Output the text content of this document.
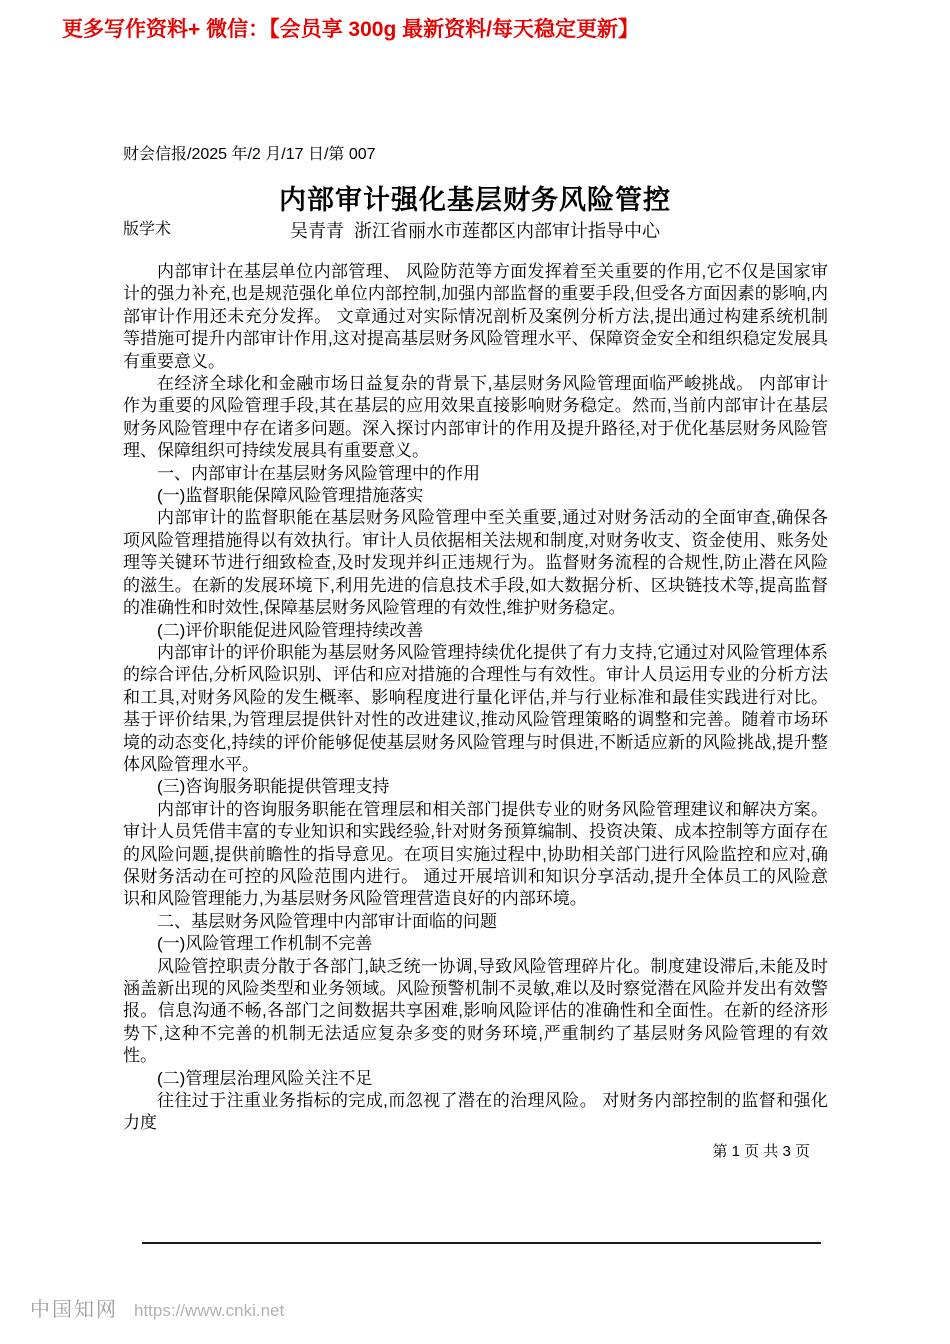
更多写作资料+ 微信：【会员享 300g 最新资料/每天稳定更新】

财会信报/2025 年/2 月/17 日/第 007

版学术

内部审计强化基层财务风险管控
吴青青  浙江省丽水市莲都区内部审计指导中心

内部审计在基层单位内部管理、 风险防范等方面发挥着至关重要的作用,它不仅是国家审计的强力补充,也是规范强化单位内部控制,加强内部监督的重要手段,但受各方面因素的影响,内部审计作用还未充分发挥。 文章通过对实际情况剖析及案例分析方法,提出通过构建系统机制等措施可提升内部审计作用,这对提高基层财务风险管理水平、保障资金安全和组织稳定发展具有重要意义。

在经济全球化和金融市场日益复杂的背景下,基层财务风险管理面临严峻挑战。 内部审计作为重要的风险管理手段,其在基层的应用效果直接影响财务稳定。然而,当前内部审计在基层财务风险管理中存在诸多问题。深入探讨内部审计的作用及提升路径,对于优化基层财务风险管理、保障组织可持续发展具有重要意义。

一、内部审计在基层财务风险管理中的作用

(一)监督职能保障风险管理措施落实

内部审计的监督职能在基层财务风险管理中至关重要,通过对财务活动的全面审查,确保各项风险管理措施得以有效执行。审计人员依据相关法规和制度,对财务收支、资金使用、账务处理等关键环节进行细致检查,及时发现并纠正违规行为。监督财务流程的合规性,防止潜在风险的滋生。在新的发展环境下,利用先进的信息技术手段,如大数据分析、区块链技术等,提高监督的准确性和时效性,保障基层财务风险管理的有效性,维护财务稳定。

(二)评价职能促进风险管理持续改善

内部审计的评价职能为基层财务风险管理持续优化提供了有力支持,它通过对风险管理体系的综合评估,分析风险识别、评估和应对措施的合理性与有效性。审计人员运用专业的分析方法和工具,对财务风险的发生概率、影响程度进行量化评估,并与行业标准和最佳实践进行对比。基于评价结果,为管理层提供针对性的改进建议,推动风险管理策略的调整和完善。随着市场环境的动态变化,持续的评价能够促使基层财务风险管理与时俱进,不断适应新的风险挑战,提升整体风险管理水平。

(三)咨询服务职能提供管理支持

内部审计的咨询服务职能在管理层和相关部门提供专业的财务风险管理建议和解决方案。审计人员凭借丰富的专业知识和实践经验,针对财务预算编制、投资决策、成本控制等方面存在的风险问题,提供前瞻性的指导意见。在项目实施过程中,协助相关部门进行风险监控和应对,确保财务活动在可控的风险范围内进行。 通过开展培训和知识分享活动,提升全体员工的风险意识和风险管理能力,为基层财务风险管理营造良好的内部环境。

二、基层财务风险管理中内部审计面临的问题

(一)风险管理工作机制不完善

风险管控职责分散于各部门,缺乏统一协调,导致风险管理碎片化。制度建设滞后,未能及时涵盖新出现的风险类型和业务领域。风险预警机制不灵敏,难以及时察觉潜在风险并发出有效警报。信息沟通不畅,各部门之间数据共享困难,影响风险评估的准确性和全面性。在新的经济形势下,这种不完善的机制无法适应复杂多变的财务环境,严重制约了基层财务风险管理的有效性。

(二)管理层治理风险关注不足

往往过于注重业务指标的完成,而忽视了潜在的治理风险。 对财务内部控制的监督和强化力度

第 1 页 共 3 页
中国知网 https://www.cnki.net
